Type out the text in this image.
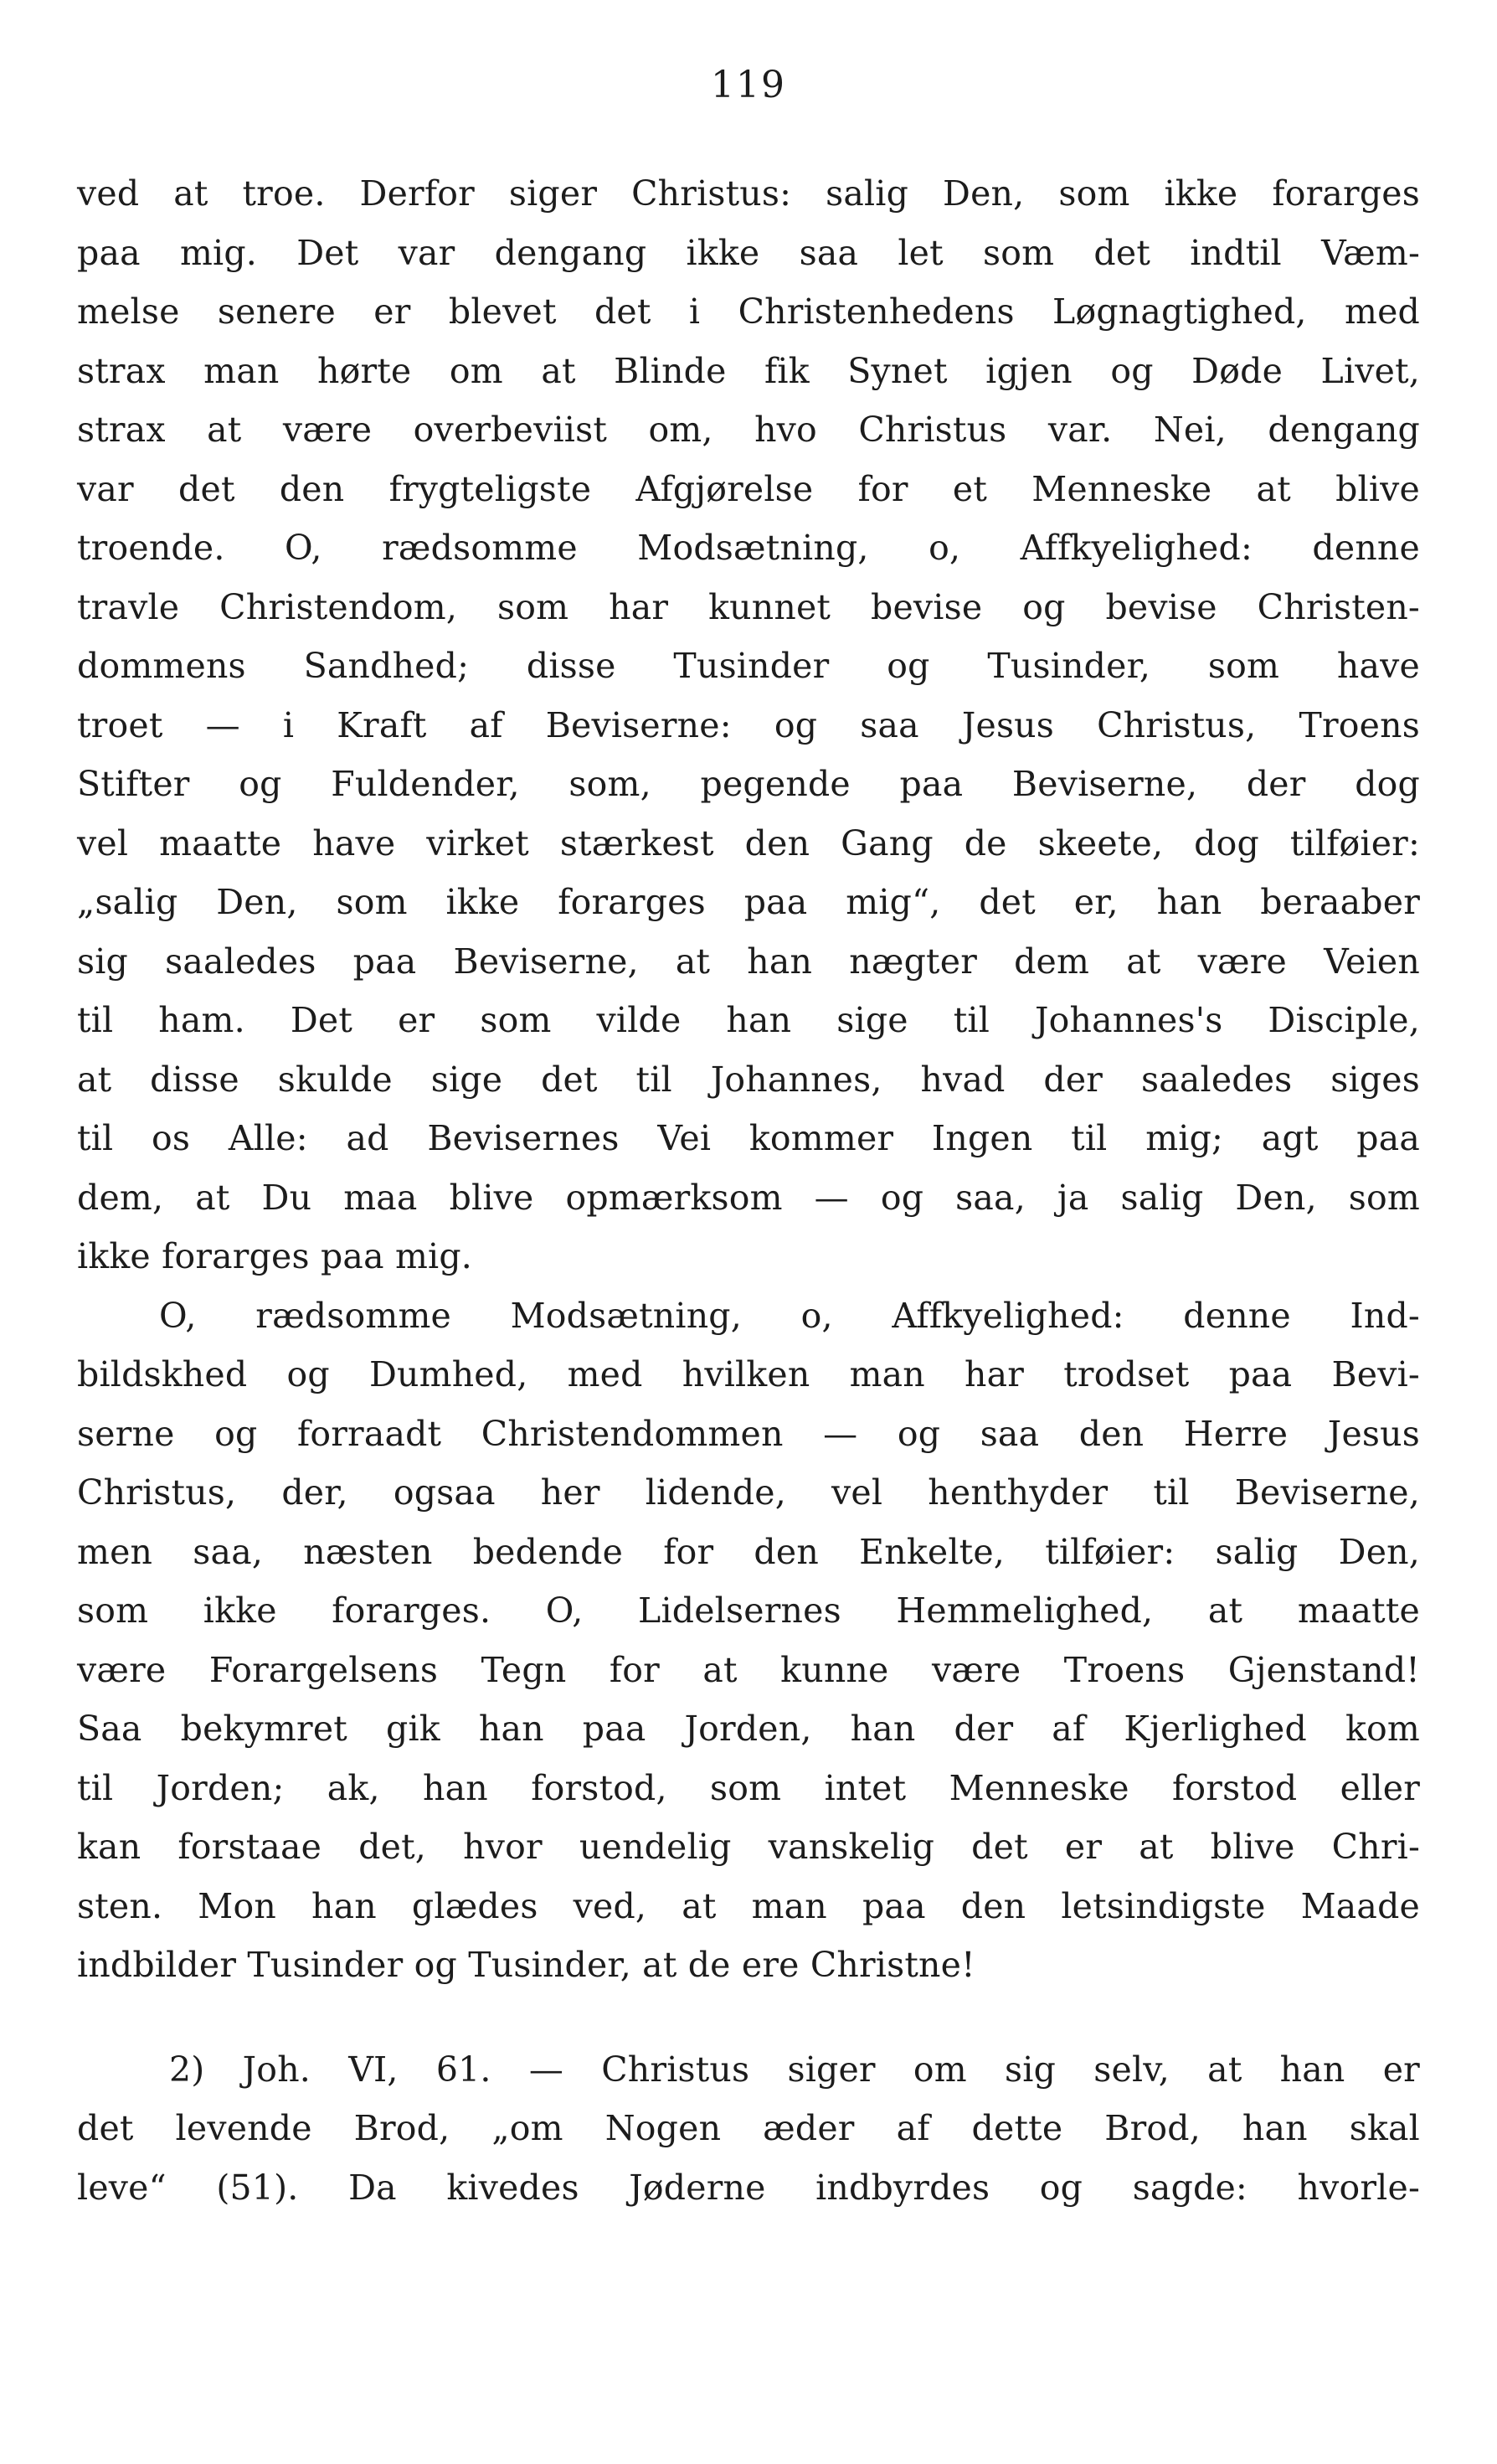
119
ved at troe. Derfor siger Christus: salig Den, som ikke forarges
paa mig. Det var dengang ikke saa let som det indtil Væm-
melse senere er blevet det i Christenhedens Løgnagtighed, med
strax man hørte om at Blinde fik Synet igjen og Døde Livet,
strax at være overbeviist om, hvo Christus var. Nei, dengang
var det den frygteligste Afgjørelse for et Menneske at blive
troende. O, rædsomme Modsætning, o, Affkyelighed: denne
travle Christendom, som har kunnet bevise og bevise Christen-
dommens Sandhed; disse Tusinder og Tusinder, som have
troet — i Kraft af Beviserne: og saa Jesus Christus, Troens
Stifter og Fuldender, som, pegende paa Beviserne, der dog
vel maatte have virket stærkest den Gang de skeete, dog tilføier:
„salig Den, som ikke forarges paa mig“, det er, han beraaber
sig saaledes paa Beviserne, at han nægter dem at være Veien
til ham. Det er som vilde han sige til Johannes's Disciple,
at disse skulde sige det til Johannes, hvad der saaledes siges
til os Alle: ad Bevisernes Vei kommer Ingen til mig; agt paa
dem, at Du maa blive opmærksom — og saa, ja salig Den, som
ikke forarges paa mig.
O, rædsomme Modsætning, o, Affkyelighed: denne Ind-
bildskhed og Dumhed, med hvilken man har trodset paa Bevi-
serne og forraadt Christendommen — og saa den Herre Jesus
Christus, der, ogsaa her lidende, vel henthyder til Beviserne,
men saa, næsten bedende for den Enkelte, tilføier: salig Den,
som ikke forarges. O, Lidelsernes Hemmelighed, at maatte
være Forargelsens Tegn for at kunne være Troens Gjenstand!
Saa bekymret gik han paa Jorden, han der af Kjerlighed kom
til Jorden; ak, han forstod, som intet Menneske forstod eller
kan forstaae det, hvor uendelig vanskelig det er at blive Chri-
sten. Mon han glædes ved, at man paa den letsindigste Maade
indbilder Tusinder og Tusinder, at de ere Christne!
2) Joh. VI, 61. — Christus siger om sig selv, at han er
det levende Brod, „om Nogen æder af dette Brod, han skal
leve“ (51). Da kivedes Jøderne indbyrdes og sagde: hvorle-
